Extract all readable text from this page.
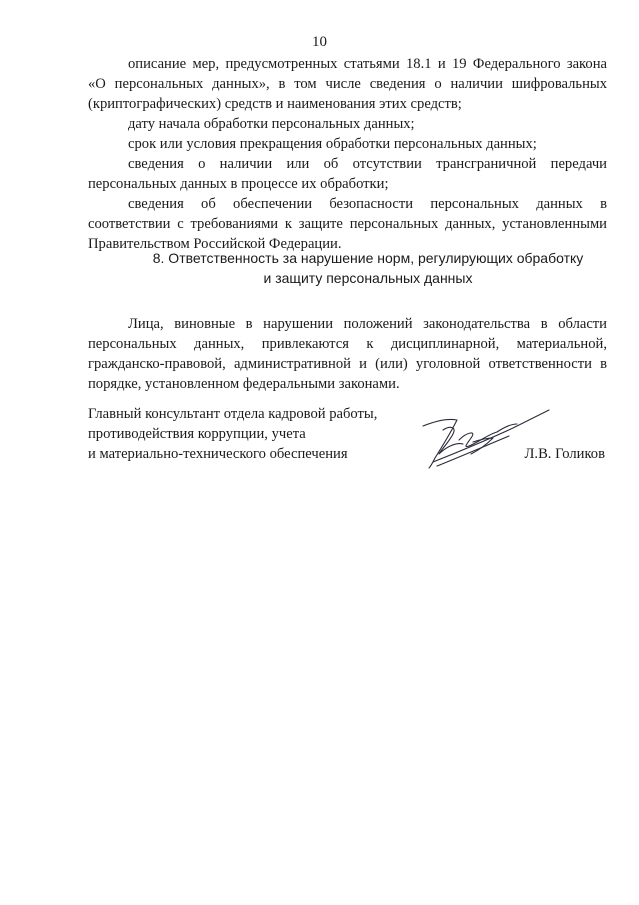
10

описание мер, предусмотренных статьями 18.1 и 19 Федерального закона «О персональных данных», в том числе сведения о наличии шифровальных (криптографических) средств и наименования этих средств;

дату начала обработки персональных данных;

срок или условия прекращения обработки персональных данных;

сведения о наличии или об отсутствии трансграничной передачи персональных данных в процессе их обработки;

сведения об обеспечении безопасности персональных данных в соответствии с требованиями к защите персональных данных, установленными Правительством Российской Федерации.

8. Ответственность за нарушение норм, регулирующих обработку
и защиту персональных данных

Лица, виновные в нарушении положений законодательства в области персональных данных, привлекаются к дисциплинарной, материальной, гражданско-правовой, административной и (или) уголовной ответственности в порядке, установленном федеральными законами.

Главный консультант отдела кадровой работы,
противодействия коррупции, учета
и материально-технического обеспечения	Л.В. Голиков
